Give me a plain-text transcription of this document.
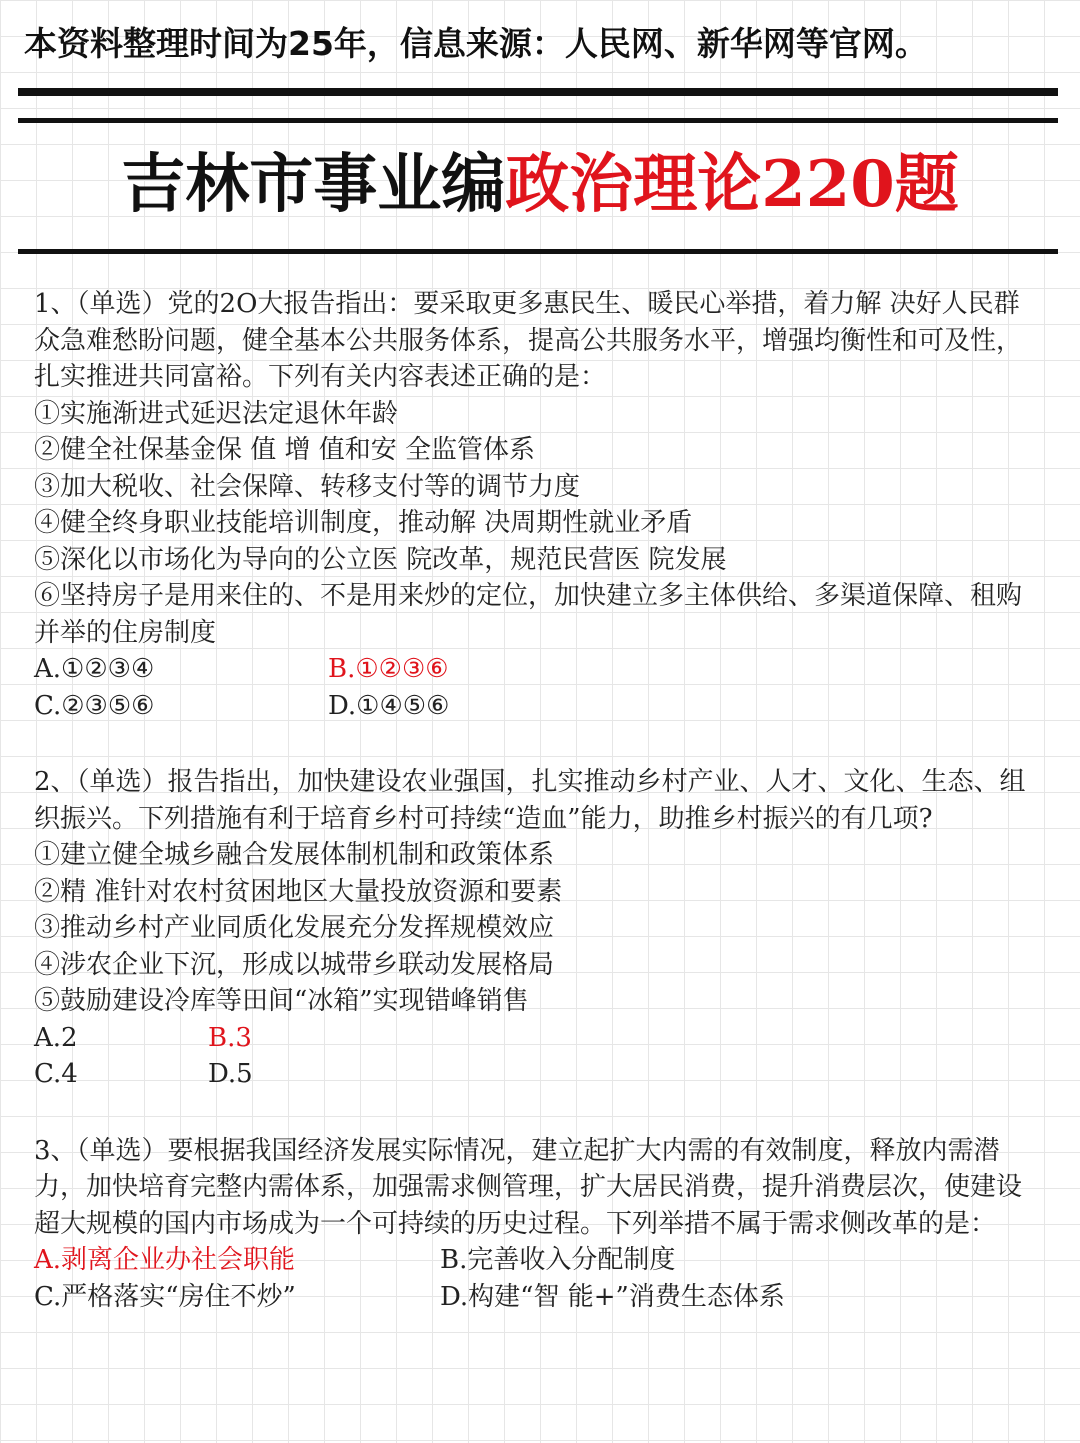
本资料整理时间为25年，信息来源：人民网、新华网等官网。
吉林市事业编政治理论220题
1、（单选）党的2O大报告指出：要采取更多惠民生、暖民心举措，着力解 决好人民群众急难愁盼问题，健全基本公共服务体系，提高公共服务水平，增强均衡性和可及性，扎实推进共同富裕。下列有关内容表述正确的是：
①实施渐进式延迟法定退休年龄
②健全社保基金保 值 增 值和安 全监管体系
③加大税收、社会保障、转移支付等的调节力度
④健全终身职业技能培训制度，推动解 决周期性就业矛盾
⑤深化以市场化为导向的公立医 院改革，规范民营医 院发展
⑥坚持房子是用来住的、不是用来炒的定位，加快建立多主体供给、多渠道保障、租购并举的住房制度
A.①②③④	B.①②③⑥
C.②③⑤⑥	D.①④⑤⑥
2、（单选）报告指出，加快建设农业强国，扎实推动乡村产业、人才、文化、生态、组织振兴。下列措施有利于培育乡村可持续“造血”能力，助推乡村振兴的有几项?
①建立健全城乡融合发展体制机制和政策体系
②精 准针对农村贫困地区大量投放资源和要素
③推动乡村产业同质化发展充分发挥规模效应
④涉农企业下沉，形成以城带乡联动发展格局
⑤鼓励建设冷库等田间“冰箱”实现错峰销售
A.2	B.3
C.4	D.5
3、（单选）要根据我国经济发展实际情况，建立起扩大内需的有效制度，释放内需潜力，加快培育完整内需体系，加强需求侧管理，扩大居民消费，提升消费层次，使建设超大规模的国内市场成为一个可持续的历史过程。下列举措不属于需求侧改革的是：
A.剥离企业办社会职能	B.完善收入分配制度
C.严格落实“房住不炒”	D.构建“智 能+”消费生态体系
